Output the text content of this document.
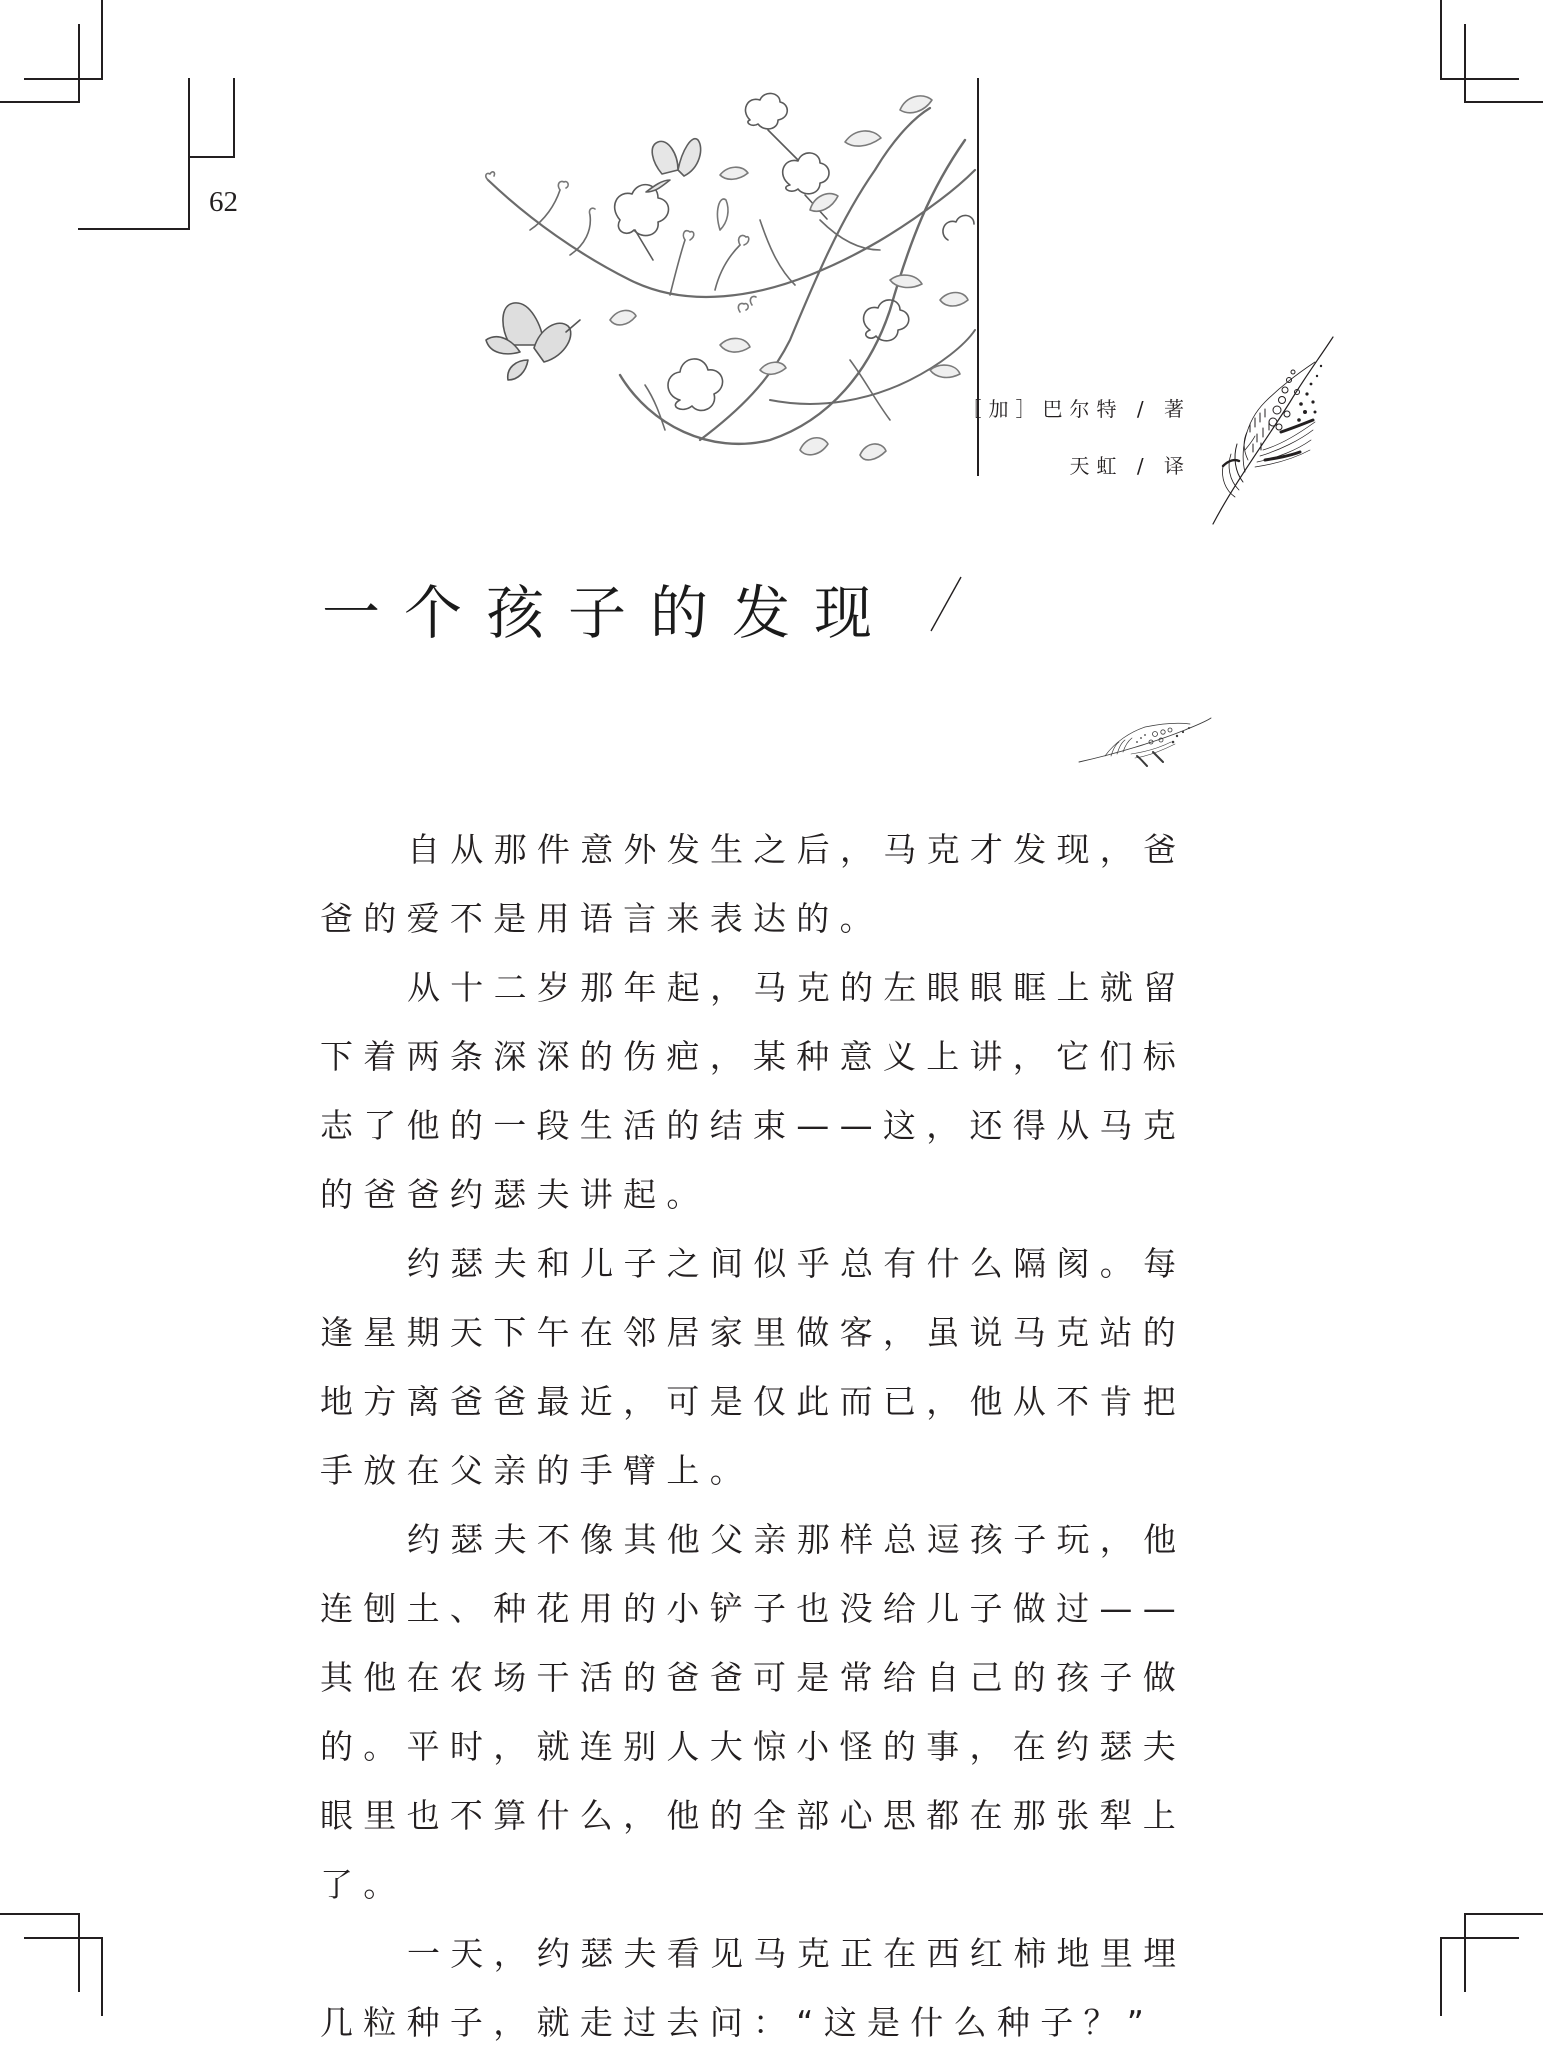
62
［加］巴尔特 / 著
天虹 / 译
一个孩子的发现

自从那件意外发生之后，马克才发现，爸爸的爱不是用语言来表达的。

从十二岁那年起，马克的左眼眼眶上就留下着两条深深的伤疤，某种意义上讲，它们标志了他的一段生活的结束——这，还得从马克的爸爸约瑟夫讲起。

约瑟夫和儿子之间似乎总有什么隔阂。每逢星期天下午在邻居家里做客，虽说马克站的地方离爸爸最近，可是仅此而已，他从不肯把手放在父亲的手臂上。

约瑟夫不像其他父亲那样总逗孩子玩，他连刨土、种花用的小铲子也没给儿子做过——其他在农场干活的爸爸可是常给自己的孩子做的。平时，就连别人大惊小怪的事，在约瑟夫眼里也不算什么，他的全部心思都在那张犁上了。

一天，约瑟夫看见马克正在西红柿地里埋几粒种子，就走过去问：“这是什么种子？”
